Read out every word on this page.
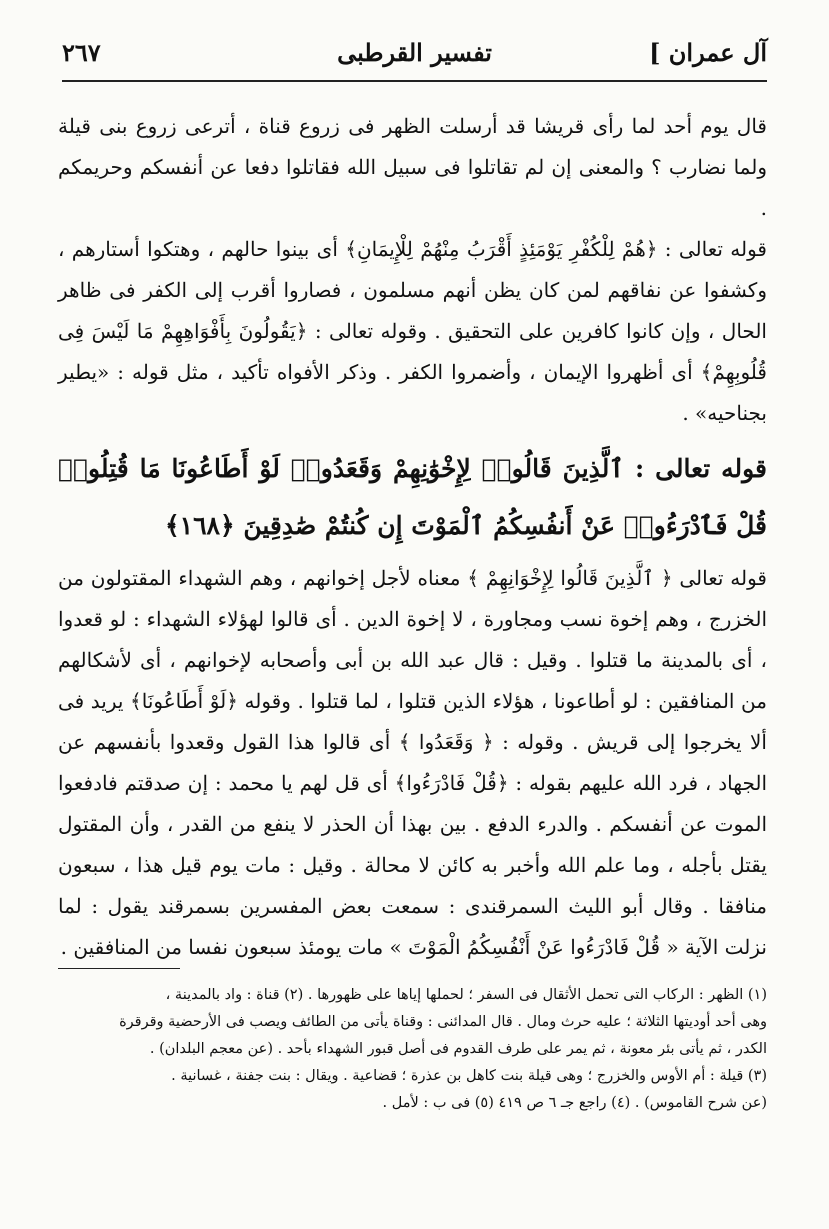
آل عمران ]
تفسير القرطبى
٢٦٧

قال يوم أحد لما رأى قريشا قد أرسلت الظهر فى زروع قناة ، أترعى زروع بنى قيلة ولما نضارب ؟ والمعنى إن لم تقاتلوا فى سبيل الله فقاتلوا دفعا عن أنفسكم وحريمكم .

قوله تعالى : ﴿هُمْ لِلْكُفْرِ يَوْمَئِذٍ أَقْرَبُ مِنْهُمْ لِلْإِيمَانِ﴾ أى بينوا حالهم ، وهتكوا أستارهم ، وكشفوا عن نفاقهم لمن كان يظن أنهم مسلمون ، فصاروا أقرب إلى الكفر فى ظاهر الحال ، وإن كانوا كافرين على التحقيق . وقوله تعالى : ﴿يَقُولُونَ بِأَفْوَاهِهِمْ مَا لَيْسَ فِى قُلُوبِهِمْ﴾ أى أظهروا الإيمان ، وأضمروا الكفر . وذكر الأفواه تأكيد ، مثل قوله : «يطير بجناحيه» .

قوله تعالى : ٱلَّذِينَ قَالُوا۟ لِإِخْوَٰنِهِمْ وَقَعَدُوا۟ لَوْ أَطَاعُونَا مَا قُتِلُوا۟ قُلْ فَٱدْرَءُوا۟ عَنْ أَنفُسِكُمُ ٱلْمَوْتَ إِن كُنتُمْ صَٰدِقِينَ ﴿١٦٨﴾

قوله تعالى ﴿ ٱلَّذِينَ قَالُوا لِإِخْوَانِهِمْ ﴾ معناه لأجل إخوانهم ، وهم الشهداء المقتولون من الخزرج ، وهم إخوة نسب ومجاورة ، لا إخوة الدين . أى قالوا لهؤلاء الشهداء : لو قعدوا ، أى بالمدينة ما قتلوا . وقيل : قال عبد الله بن أبى وأصحابه لإخوانهم ، أى لأشكالهم من المنافقين : لو أطاعونا ، هؤلاء الذين قتلوا ، لما قتلوا . وقوله ﴿لَوْ أَطَاعُونَا﴾ يريد فى ألا يخرجوا إلى قريش . وقوله : ﴿ وَقَعَدُوا ﴾ أى قالوا هذا القول وقعدوا بأنفسهم عن الجهاد ، فرد الله عليهم بقوله : ﴿قُلْ فَادْرَءُوا﴾ أى قل لهم يا محمد : إن صدقتم فادفعوا الموت عن أنفسكم . والدرء الدفع . بين بهذا أن الحذر لا ينفع من القدر ، وأن المقتول يقتل بأجله ، وما علم الله وأخبر به كائن لا محالة . وقيل : مات يوم قيل هذا ، سبعون منافقا . وقال أبو الليث السمرقندى : سمعت بعض المفسرين بسمرقند يقول : لما نزلت الآية « قُلْ فَادْرَءُوا عَنْ أَنْفُسِكُمُ الْمَوْتَ » مات يومئذ سبعون نفسا من المنافقين .

(١) الظهر : الركاب التى تحمل الأثقال فى السفر ؛ لحملها إياها على ظهورها . (٢) قناة : واد بالمدينة ،
وهى أحد أوديتها الثلاثة ؛ عليه حرث ومال . قال المدائنى : وقناة يأتى من الطائف ويصب فى الأرحضية وقرقرة
الكدر ، ثم يأتى بئر معونة ، ثم يمر على طرف القدوم فى أصل قبور الشهداء بأحد . (عن معجم البلدان) .
(٣) قيلة : أم الأوس والخزرج ؛ وهى قيلة بنت كاهل بن عذرة ؛ قضاعية . ويقال : بنت جفنة ، غسانية .
(عن شرح القاموس) . (٤) راجع جـ ٦ ص ٤١٩ (٥) فى ب : لأمل .
